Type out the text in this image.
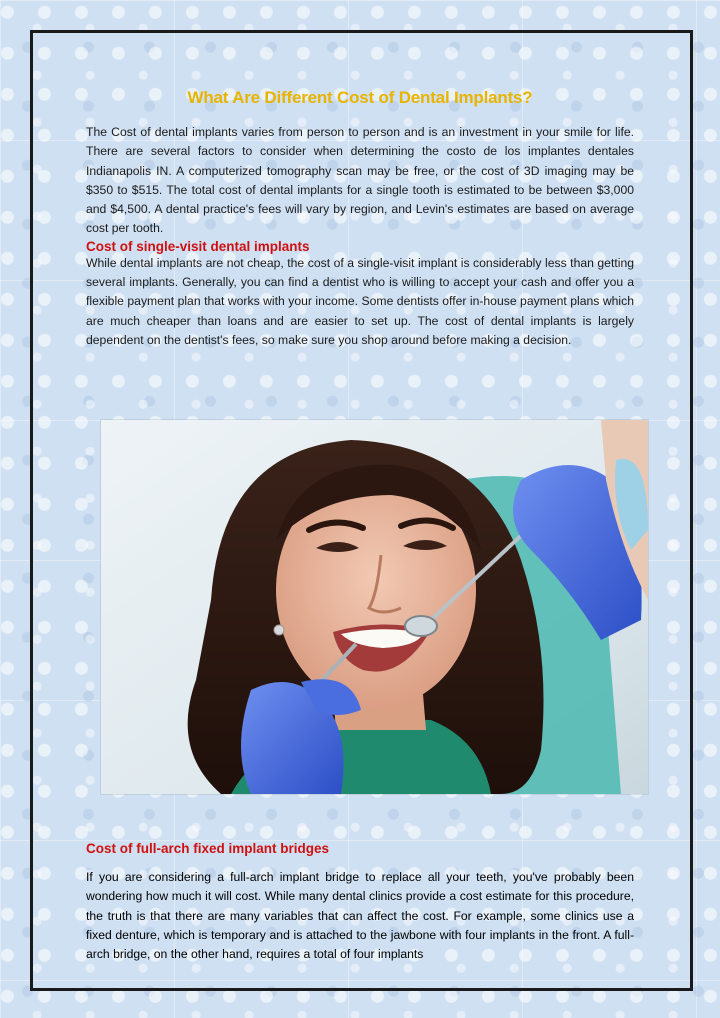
What Are Different Cost of Dental Implants?

The Cost of dental implants varies from person to person and is an investment in your smile for life. There are several factors to consider when determining the costo de los implantes dentales Indianapolis IN. A computerized tomography scan may be free, or the cost of 3D imaging may be $350 to $515. The total cost of dental implants for a single tooth is estimated to be between $3,000 and $4,500. A dental practice's fees will vary by region, and Levin's estimates are based on average cost per tooth.

Cost of single-visit dental implants

While dental implants are not cheap, the cost of a single-visit implant is considerably less than getting several implants. Generally, you can find a dentist who is willing to accept your cash and offer you a flexible payment plan that works with your income. Some dentists offer in-house payment plans which are much cheaper than loans and are easier to set up. The cost of dental implants is largely dependent on the dentist's fees, so make sure you shop around before making a decision.

Cost of full-arch fixed implant bridges

If you are considering a full-arch implant bridge to replace all your teeth, you've probably been wondering how much it will cost. While many dental clinics provide a cost estimate for this procedure, the truth is that there are many variables that can affect the cost. For example, some clinics use a fixed denture, which is temporary and is attached to the jawbone with four implants in the front. A full-arch bridge, on the other hand, requires a total of four implants
